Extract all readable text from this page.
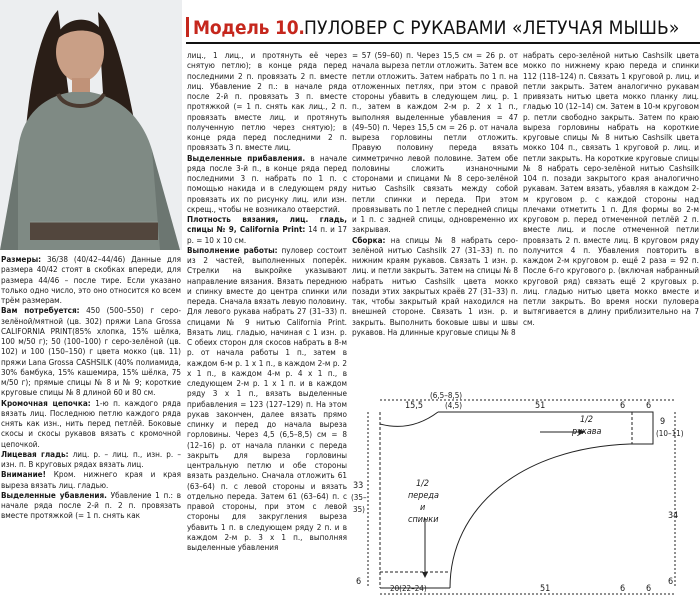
Модель 10. ПУЛОВЕР С РУКАВАМИ «ЛЕТУЧАЯ МЫШЬ»

Размеры: 36/38 (40/42–44/46) Данные для размера 40/42 стоят в скобках впереди, для размера 44/46 – после тире. Если указано только одно число, это оно относится ко всем трём размерам.

Вам потребуется: 450 (500–550) г серо-зелёной/мятной (цв. 302) пряжи Lana Grossa CALIFORNIA PRINT(85% хлопка, 15% шёлка, 100 м/50 г); 50 (100–100) г серо-зелёной (цв. 102) и 100 (150–150) г цвета мокко (цв. 11) пряжи Lana Grossa CASHSILK (40% полиамида, 30% бамбука, 15% кашемира, 15% шёлка, 75 м/50 г); прямые спицы № 8 и № 9; короткие круговые спицы № 8 длиной 60 и 80 см.

Кромочная цепочка: 1-ю п. каждого ряда вязать лиц. Последнюю петлю каждого ряда снять как изн., нить перед петлёй. Боковые скосы и скосы рукавов вязать с кромочной цепочкой.

Лицевая гладь: лиц. р. – лиц. п., изн. р. – изн. п. В круговых рядах вязать лиц.

Внимание! Кром. нижнего края и края выреза вязать лиц. гладью.

Выделенные убавления. Убавление 1 п.: в начале ряда после 2-й п. 2 п. провязать вместе протяжкой (= 1 п. снять как

лиц., 1 лиц., и протянуть её через снятую петлю); в конце ряда перед последними 2 п. провязать 2 п. вместе лиц. Убавление 2 п.: в начале ряда после 2-й п. провязать 3 п. вместе протяжкой (= 1 п. снять как лиц., 2 п. провязать вместе лиц. и протянуть полученную петлю через снятую); в конце ряда перед последними 2 п. провязать 3 п. вместе лиц.

Выделенные прибавления. в начале ряда после 3-й п., в конце ряда перед последними 3 п. набрать по 1 п. с помощью накида и в следующем ряду провязать их по рисунку лиц. или изн. скрещ., чтобы не возникало отверстий.

Плотность вязания, лиц. гладь, спицы № 9, California Print: 14 п. и 17 р. = 10 х 10 см.

Выполнение работы: пуловер состоит из 2 частей, выполненных поперёк. Стрелки на выкройке указывают направление вязания. Вязать переднюю и спинку вместе до центра спинки или переда. Сначала вязать левую половину. Для левого рукава набрать 27 (31–33) п. спицами № 9 нитью California Print. Вязать лиц. гладью, начиная с 1 изн. р. С обеих сторон для скосов набрать в 8-м р. от начала работы 1 п., затем в каждом 6-м р. 1 х 1 п., в каждом 2-м р. 2 х 1 п., в каждом 4-м р. 4 х 1 п., в следующем 2-м р. 1 х 1 п. и в каждом ряду 3 х 1 п., вязать выделенные прибавления = 123 (127–129) п. На этом рукав закончен, далее вязать прямо спинку и перед до начала выреза горловины. Через 4,5 (6,5–8,5) см = 8 (12–16) р. от начала планки с переда закрыть для выреза горловины центральную петлю и обе стороны вязать раздельно. Сначала отложить 61 (63–64) п. с левой стороны и вязать отдельно переда. Затем 61 (63–64) п. с правой стороны, при этом с левой стороны для закругления выреза убавить 1 п. в следующем ряду 2 п. и в каждом 2-м р. 3 х 1 п., выполняя выделенные убавления

= 57 (59–60) п. Через 15,5 см = 26 р. от начала выреза петли отложить. Затем все петли отложить. Затем набрать по 1 п. на отложенных петлях, при этом с правой стороны убавить в следующем лиц. р. 1 п., затем в каждом 2-м р. 2 х 1 п., выполняя выделенные убавления = 47 (49–50) п. Через 15,5 см = 26 р. от начала выреза горловины петли отложить. Правую половину переда вязать симметрично левой половине. Затем обе половины сложить изнаночными сторонами и спицами № 8 серо-зелёной нитью Cashsilk связать между собой петли спинки и переда. При этом провязывать по 1 петле с передней спицы и 1 п. с задней спицы, одновременно их закрывая.

Сборка: на спицы № 8 набрать серо-зелёной нитью Cashsilk 27 (31–33) п. по нижним краям рукавов. Связать 1 изн. р. лиц. и петли закрыть. Затем на спицы № 8 набрать нитью Cashsilk цвета мокко позади этих закрытых краёв 27 (31–33) п. так, чтобы закрытый край находился на внешней стороне. Связать 1 изн. р. и закрыть. Выполнить боковые швы и швы рукавов. На длинные круговые спицы № 8

набрать серо-зелёной нитью Cashsilk цвета мокко по нижнему краю переда и спинки 112 (118–124) п. Связать 1 круговой р. лиц. и петли закрыть. Затем аналогично рукавам привязать нитью цвета мокко планку лиц. гладью 10 (12–14) см. Затем в 10-м круговом р. петли свободно закрыть. Затем по краю выреза горловины набрать на короткие круговые спицы № 8 нитью Cashsilk цвета мокко 104 п., связать 1 круговой р. лиц. и петли закрыть. На короткие круговые спицы № 8 набрать серо-зелёной нитью Cashsilk 104 п. позади закрытого края аналогично рукавам. Затем вязать, убавляя в каждом 2-м круговом р. с каждой стороны над плечами отметить 1 п. Для формы во 2-м круговом р. перед отмеченной петлёй 2 п. вместе лиц. и после отмеченной петли провязать 2 п. вместе лиц. В круговом ряду получится 4 п. Убавления повторить в каждом 2-м круговом р. ещё 2 раза = 92 п. После 6-го кругового р. (включая набранный круговой ряд) связать ещё 2 круговых р. лиц. гладью нитью цвета мокко вместе и петли закрыть. Во время носки пуловера вытягивается в длину приблизительно на 7 см.

15,5
(6,5–8,5)
(4,5)	51	6 6
9
(10–11)
33
(35–
35)
34
6	6
20(22–24)	51	6 6
1/2
рукава
1/2
переда
и
спинки
